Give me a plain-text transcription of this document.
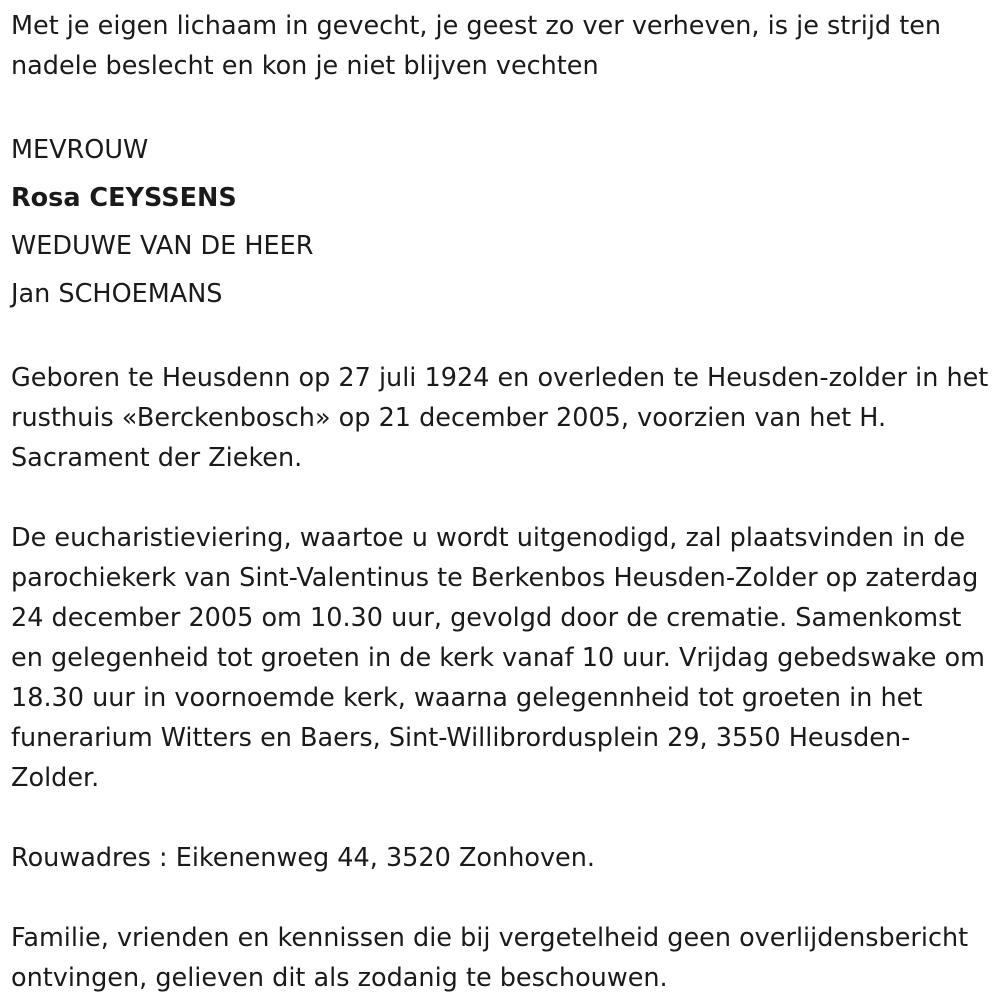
Met je eigen lichaam in gevecht, je geest zo ver verheven, is je strijd ten nadele beslecht en kon je niet blijven vechten

MEVROUW

Rosa CEYSSENS

WEDUWE VAN DE HEER

Jan SCHOEMANS

Geboren te Heusdenn op 27 juli 1924 en overleden te Heusden-zolder in het rusthuis «Berckenbosch» op 21 december 2005, voorzien van het H. Sacrament der Zieken.

De eucharistieviering, waartoe u wordt uitgenodigd, zal plaatsvinden in de parochiekerk van Sint-Valentinus te Berkenbos Heusden-Zolder op zaterdag 24 december 2005 om 10.30 uur, gevolgd door de crematie. Samenkomst en gelegenheid tot groeten in de kerk vanaf 10 uur. Vrijdag gebedswake om 18.30 uur in voornoemde kerk, waarna gelegennheid tot groeten in het funerarium Witters en Baers, Sint-Willibrordusplein 29, 3550 Heusden-Zolder.

Rouwadres : Eikenenweg 44, 3520 Zonhoven.

Familie, vrienden en kennissen die bij vergetelheid geen overlijdensbericht ontvingen, gelieven dit als zodanig te beschouwen.
